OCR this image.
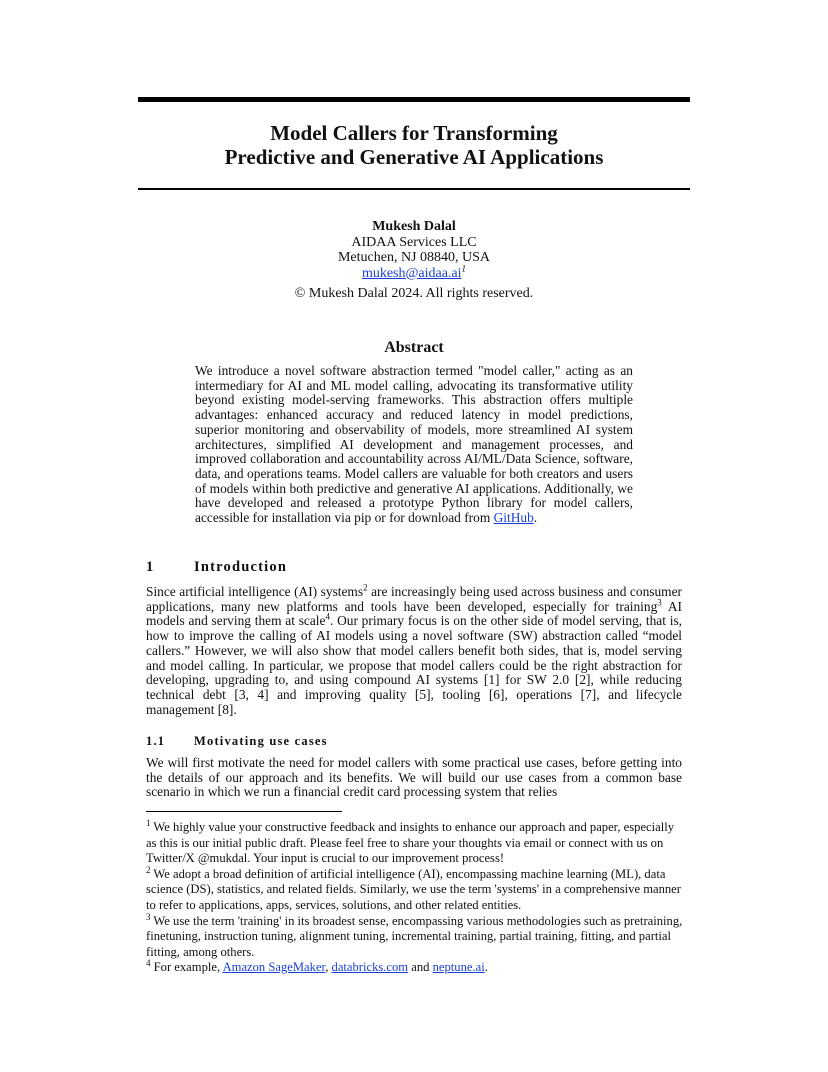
Model Callers for Transforming
Predictive and Generative AI Applications
Mukesh Dalal
AIDAA Services LLC
Metuchen, NJ 08840, USA
$mukesh@aidaa.ai^1$
© Mukesh Dalal 2024. All rights reserved.
Abstract
We introduce a novel software abstraction termed "model caller," acting as an intermediary for AI and ML model calling, advocating its transformative utility beyond existing model-serving frameworks. This abstraction offers multiple advantages: enhanced accuracy and reduced latency in model predictions, superior monitoring and observability of models, more streamlined AI system architectures, simplified AI development and management processes, and improved collaboration and accountability across AI/ML/Data Science, software, data, and operations teams. Model callers are valuable for both creators and users of models within both predictive and generative AI applications. Additionally, we have developed and released a prototype Python library for model callers, accessible for installation via pip or for download from GitHub.
1	Introduction
Since artificial intelligence (AI) systems$^2$ are increasingly being used across business and consumer applications, many new platforms and tools have been developed, especially for training$^3$ AI models and serving them at scale$^4$. Our primary focus is on the other side of model serving, that is, how to improve the calling of AI models using a novel software (SW) abstraction called “model callers.” However, we will also show that model callers benefit both sides, that is, model serving and model calling. In particular, we propose that model callers could be the right abstraction for developing, upgrading to, and using compound AI systems [1] for SW 2.0 [2], while reducing technical debt [3, 4] and improving quality [5], tooling [6], operations [7], and lifecycle management [8].
1.1 Motivating use cases
We will first motivate the need for model callers with some practical use cases, before getting into the details of our approach and its benefits. We will build our use cases from a common base scenario in which we run a financial credit card processing system that relies

$^1$ We highly value your constructive feedback and insights to enhance our approach and paper, especially as this is our initial public draft. Please feel free to share your thoughts via email or connect with us on Twitter/X @mukdal. Your input is crucial to our improvement process!

$^2$ We adopt a broad definition of artificial intelligence (AI), encompassing machine learning (ML), data science (DS), statistics, and related fields. Similarly, we use the term 'systems' in a comprehensive manner to refer to applications, apps, services, solutions, and other related entities.

$^3$ We use the term 'training' in its broadest sense, encompassing various methodologies such as pretraining, finetuning, instruction tuning, alignment tuning, incremental training, partial training, fitting, and partial fitting, among others.

$^4$ For example, Amazon SageMaker, databricks.com and neptune.ai.
